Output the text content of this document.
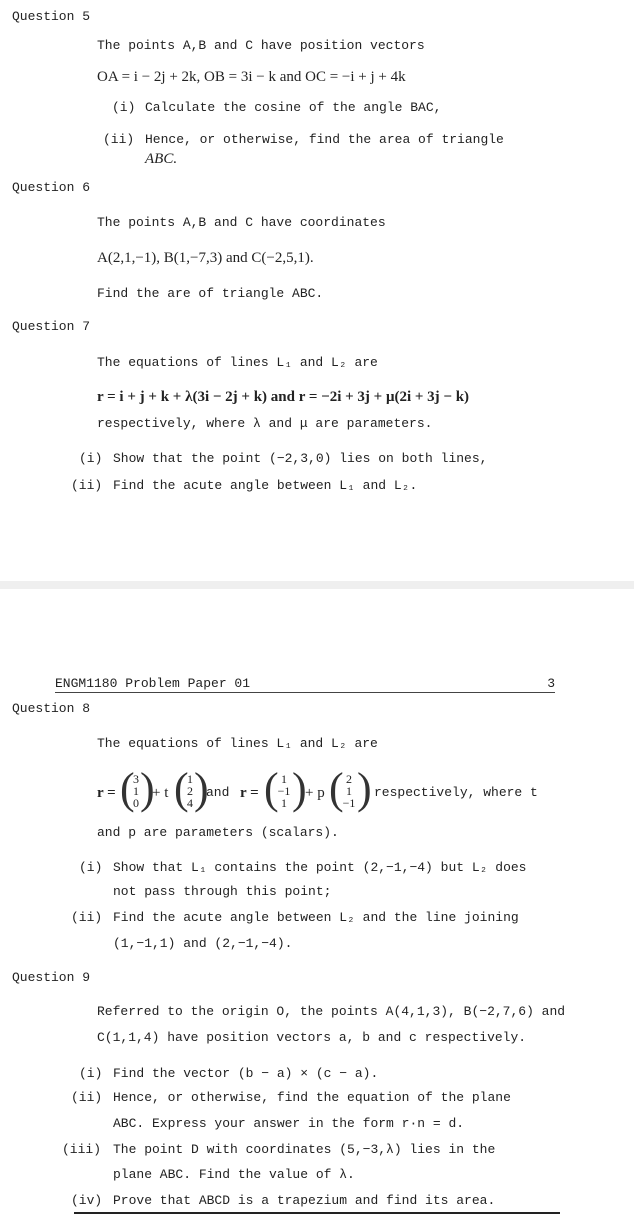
Question 5
The points A,B and C have position vectors
OA = i − 2j + 2k, OB = 3i − k and OC = −i + j + 4k
(i) Calculate the cosine of the angle BAC,
(ii) Hence, or otherwise, find the area of triangle
ABC.
Question 6
The points A,B and C have coordinates
A(2,1,−1), B(1,−7,3) and C(−2,5,1).
Find the are of triangle ABC.
Question 7
The equations of lines L₁ and L₂ are
r = i + j + k + λ(3i − 2j + k) and r = −2i + 3j + μ(2i + 3j − k)
respectively, where λ and μ are parameters.
(i) Show that the point (−2,3,0) lies on both lines,
(ii) Find the acute angle between L₁ and L₂.
ENGM1180 Problem Paper 01	3
Question 8
The equations of lines L₁ and L₂ are
r = (
3
1
0 )
+ t (
1
2
4 )
and r = ( 1
−1
1 )
+ p ( 2
1
−1 ) respectively, where t
and p are parameters (scalars).
(i) Show that L₁ contains the point (2,−1,−4) but L₂ does
not pass through this point;
(ii) Find the acute angle between L₂ and the line joining
(1,−1,1) and (2,−1,−4).
Question 9
Referred to the origin O, the points A(4,1,3), B(−2,7,6) and
C(1,1,4) have position vectors a, b and c respectively.
(i) Find the vector (b − a) × (c − a).
(ii) Hence, or otherwise, find the equation of the plane
ABC. Express your answer in the form r·n = d.
(iii) The point D with coordinates (5,−3,λ) lies in the
plane ABC. Find the value of λ.
(iv) Prove that ABCD is a trapezium and find its area.
